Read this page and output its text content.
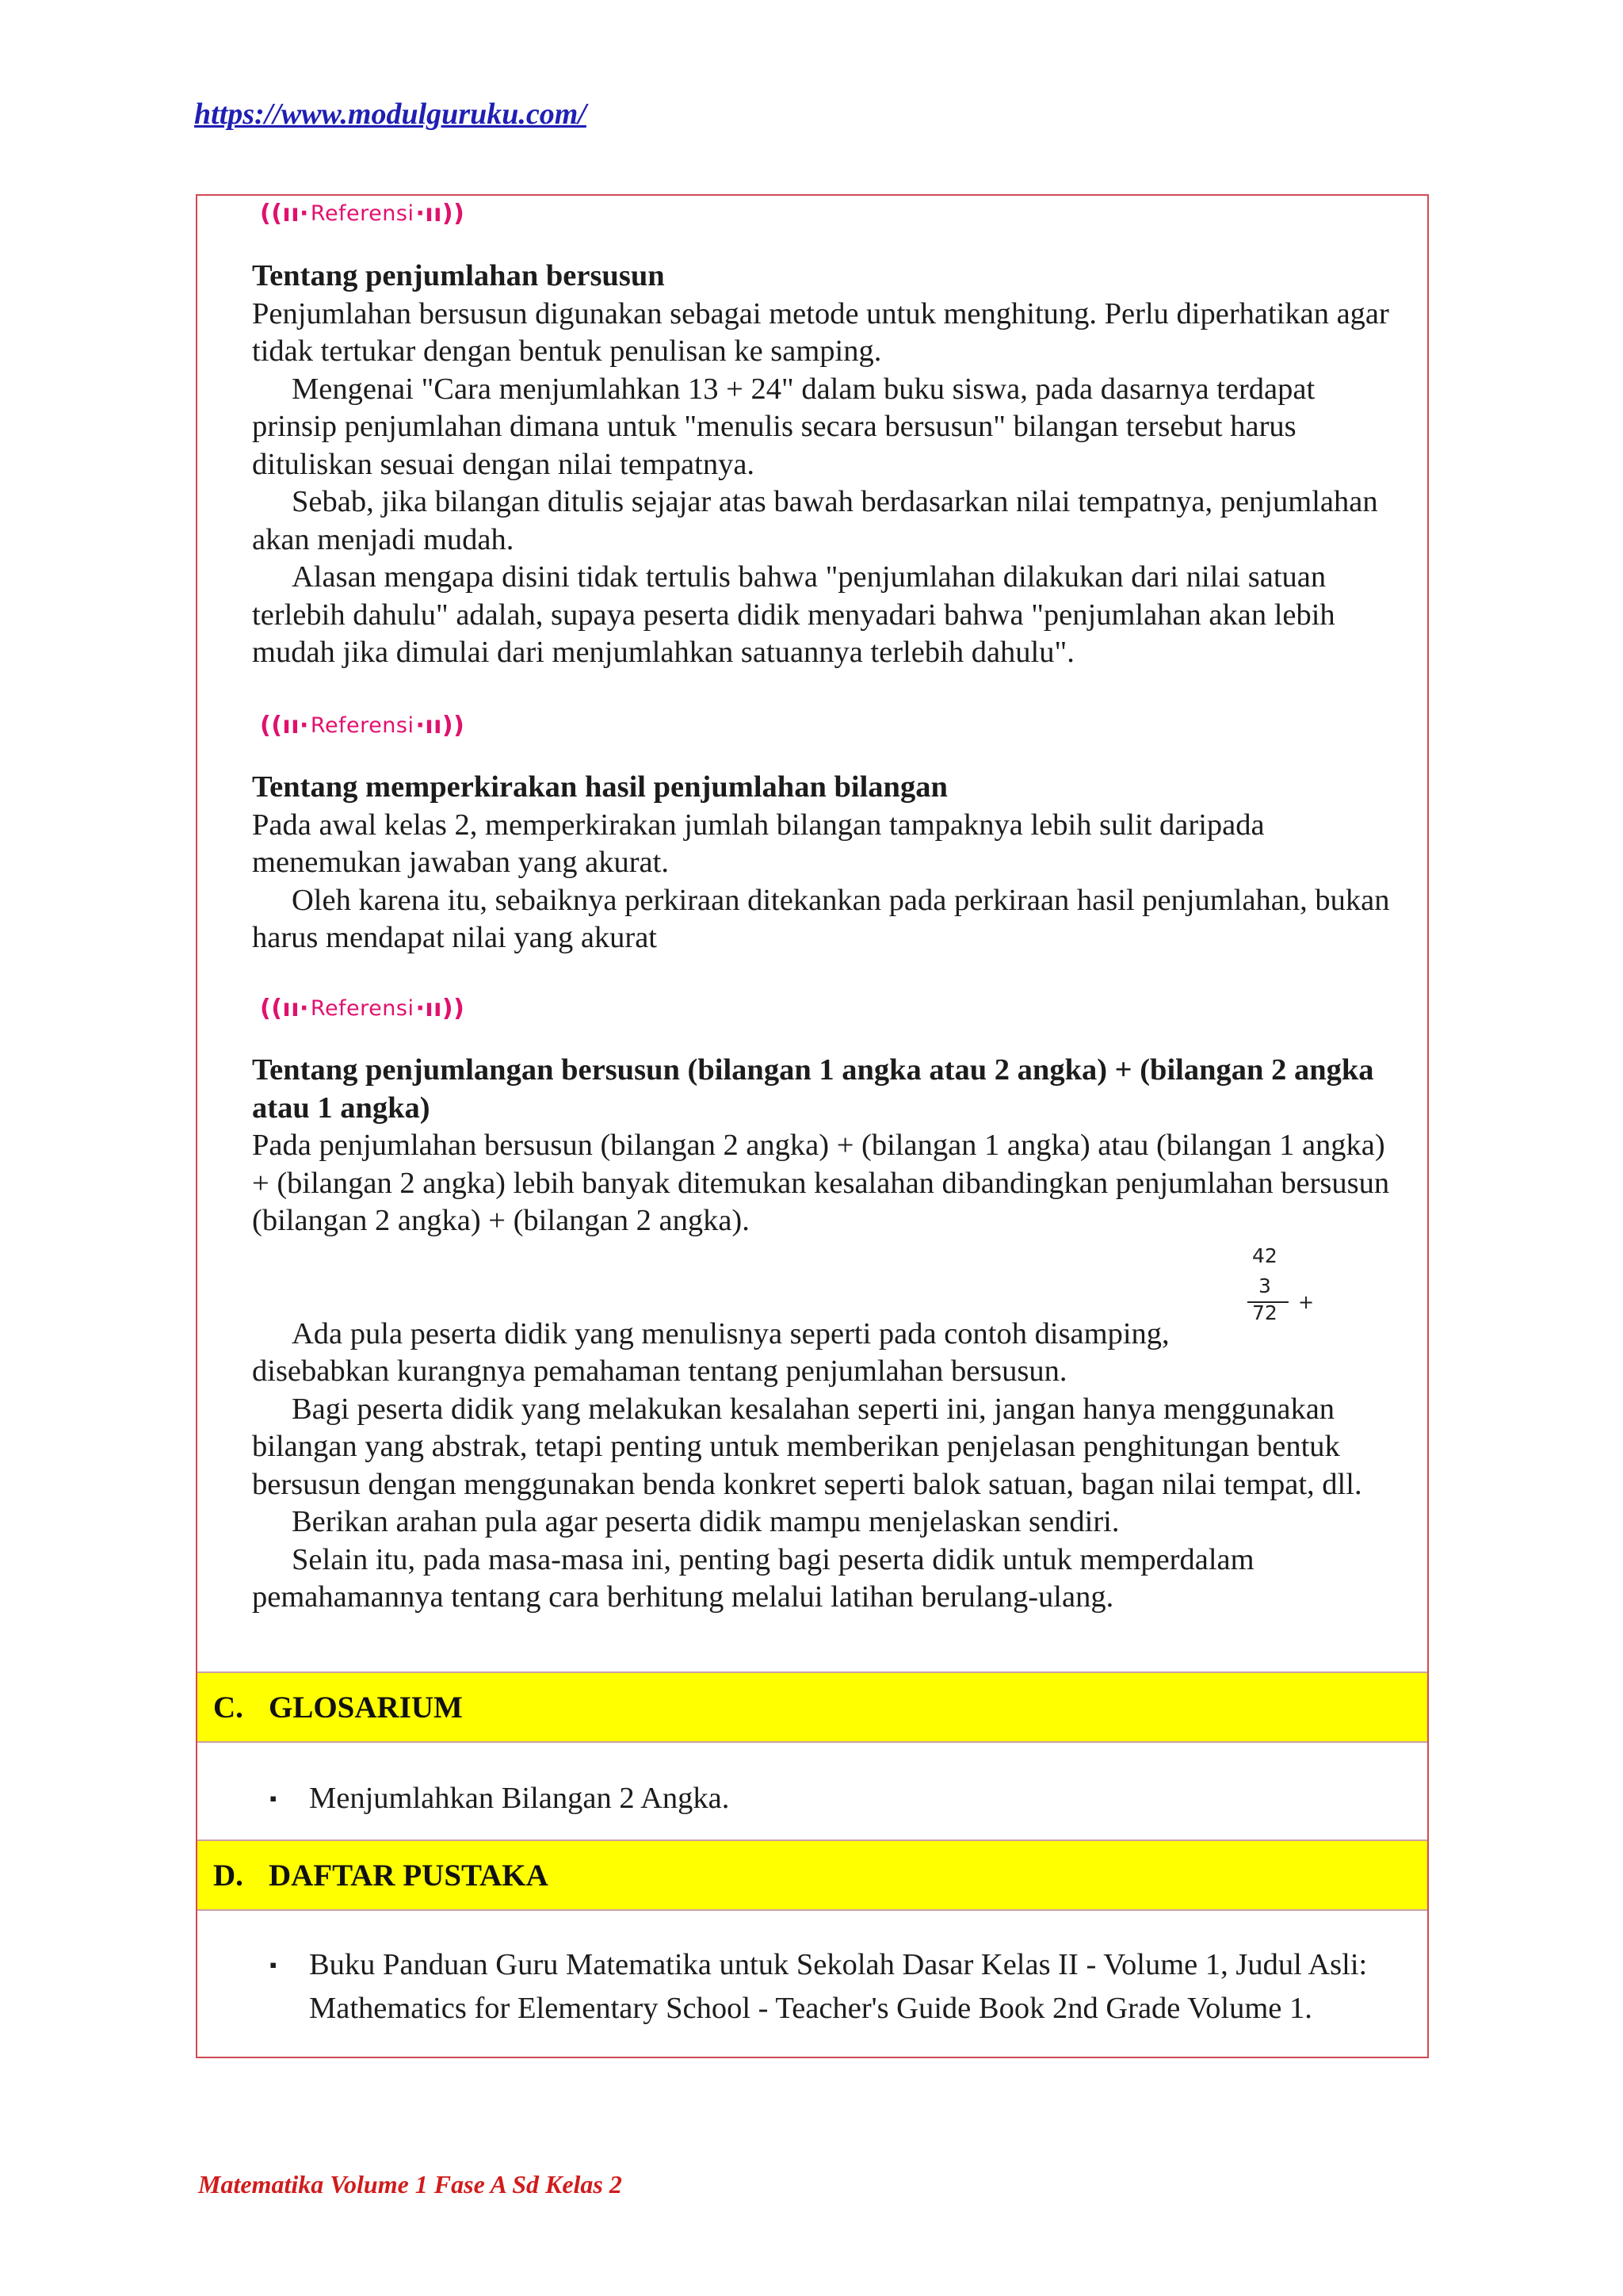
https://www.modulguruku.com/
((ıı· Referensi ·ıı))
Tentang penjumlahan bersusun

Penjumlahan bersusun digunakan sebagai metode untuk menghitung. Perlu diperhatikan agar tidak tertukar dengan bentuk penulisan ke samping.

Mengenai "Cara menjumlahkan 13 + 24" dalam buku siswa, pada dasarnya terdapat prinsip penjumlahan dimana untuk "menulis secara bersusun" bilangan tersebut harus dituliskan sesuai dengan nilai tempatnya.

Sebab, jika bilangan ditulis sejajar atas bawah berdasarkan nilai tempatnya, penjumlahan akan menjadi mudah.

Alasan mengapa disini tidak tertulis bahwa "penjumlahan dilakukan dari nilai satuan terlebih dahulu" adalah, supaya peserta didik menyadari bahwa "penjumlahan akan lebih mudah jika dimulai dari menjumlahkan satuannya terlebih dahulu".

((ıı· Referensi ·ıı))
Tentang memperkirakan hasil penjumlahan bilangan

Pada awal kelas 2, memperkirakan jumlah bilangan tampaknya lebih sulit daripada menemukan jawaban yang akurat.

Oleh karena itu, sebaiknya perkiraan ditekankan pada perkiraan hasil penjumlahan, bukan harus mendapat nilai yang akurat

((ıı· Referensi ·ıı))
Tentang penjumlangan bersusun (bilangan 1 angka atau 2 angka) + (bilangan 2 angka atau 1 angka)

Pada penjumlahan bersusun (bilangan 2 angka) + (bilangan 1 angka) atau (bilangan 1 angka) + (bilangan 2 angka) lebih banyak ditemukan kesalahan dibandingkan penjumlahan bersusun (bilangan 2 angka) + (bilangan 2 angka).

Ada pula peserta didik yang menulisnya seperti pada contoh disamping, disebabkan kurangnya pemahaman tentang penjumlahan bersusun.

Bagi peserta didik yang melakukan kesalahan seperti ini, jangan hanya menggunakan bilangan yang abstrak, tetapi penting untuk memberikan penjelasan penghitungan bentuk bersusun dengan menggunakan benda konkret seperti balok satuan, bagan nilai tempat, dll.

Berikan arahan pula agar peserta didik mampu menjelaskan sendiri.

Selain itu, pada masa-masa ini, penting bagi peserta didik untuk memperdalam pemahamannya tentang cara berhitung melalui latihan berulang-ulang.

42
3
72	+
C. GLOSARIUM
▪	Menjumlahkan Bilangan 2 Angka.
D. DAFTAR PUSTAKA
▪	Buku Panduan Guru Matematika untuk Sekolah Dasar Kelas II - Volume 1, Judul Asli: Mathematics for Elementary School - Teacher's Guide Book 2nd Grade Volume 1.
Matematika Volume 1 Fase A Sd Kelas 2
